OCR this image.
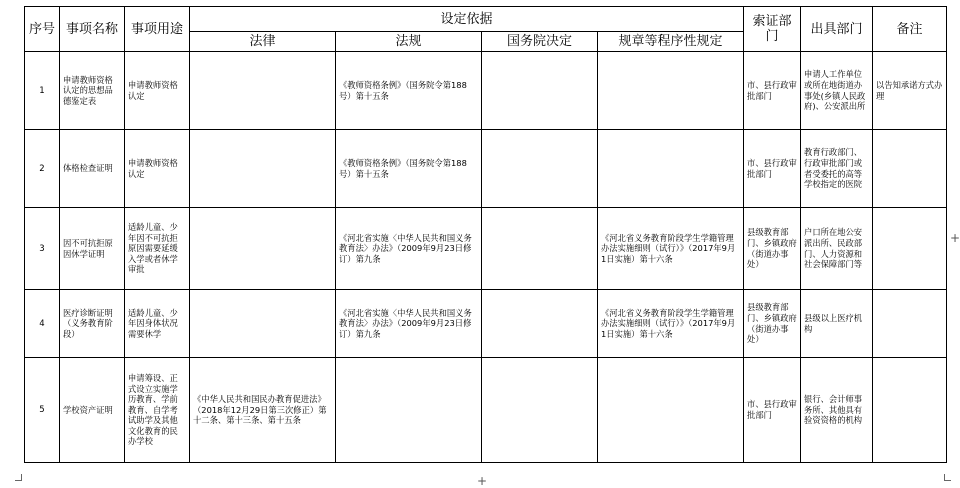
序号	事项名称	事项用途	设定依据				索证部门	出具部门	备注
			法律	法规	国务院决定	规章等程序性规定			
1	申请教师资格认定的思想品德鉴定表	申请教师资格认定		《教师资格条例》（国务院令第188号）第十五条			市、县行政审批部门	申请人工作单位或所在地街道办事处(乡镇人民政府)、公安派出所	以告知承诺方式办理
2	体格检查证明	申请教师资格认定		《教师资格条例》（国务院令第188号）第十五条			市、县行政审批部门	教育行政部门、行政审批部门或者受委托的高等学校指定的医院	
3	因不可抗拒原因休学证明	适龄儿童、少年因不可抗拒原因需要延缓入学或者休学审批		《河北省实施〈中华人民共和国义务教育法〉办法》（2009年9月23日修订）第九条		《河北省义务教育阶段学生学籍管理办法实施细则（试行）》（2017年9月1日实施）第十六条	县级教育部门、乡镇政府（街道办事处）	户口所在地公安派出所、民政部门、人力资源和社会保障部门等	
4	医疗诊断证明（义务教育阶段）	适龄儿童、少年因身体状况需要休学		《河北省实施〈中华人民共和国义务教育法〉办法》（2009年9月23日修订）第九条		《河北省义务教育阶段学生学籍管理办法实施细则（试行）》（2017年9月1日实施）第十六条	县级教育部门、乡镇政府（街道办事处）	县级以上医疗机构	
5	学校资产证明	申请筹设、正式设立实施学历教育、学前教育、自学考试助学及其他文化教育的民办学校	《中华人民共和国民办教育促进法》（2018年12月29日第三次修正）第十二条、第十三条、第十五条				市、县行政审批部门	银行、会计师事务所、其他具有验资资格的机构	
+
+
